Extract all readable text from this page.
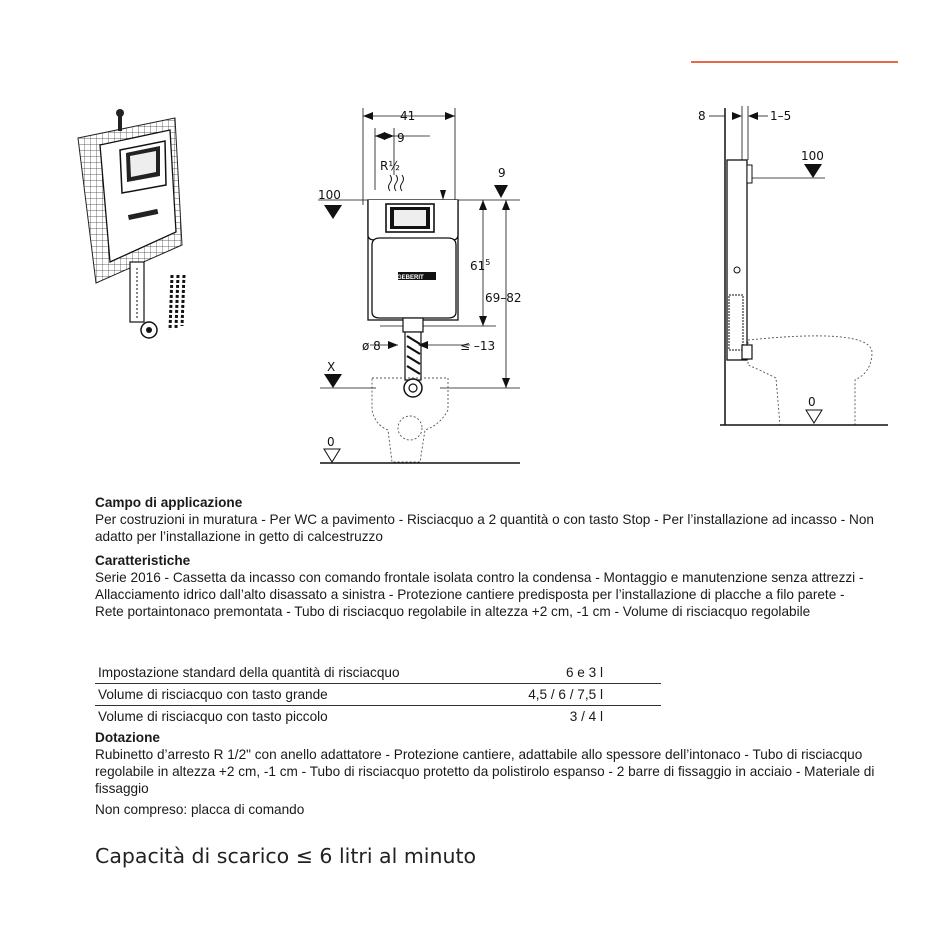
41
9
R½	9
100
$61^5$
69–82
ø 8	≤ –13
X
0
GEBERIT
8	1–5
100
0
Campo di applicazione
Per costruzioni in muratura - Per WC a pavimento - Risciacquo a 2 quantità o con tasto Stop - Per l’installazione ad incasso - Non adatto per l’installazione in getto di calcestruzzo
Caratteristiche
Serie 2016 - Cassetta da incasso con comando frontale isolata contro la condensa - Montaggio e manutenzione senza attrezzi - Allacciamento idrico dall’alto disassato a sinistra - Protezione cantiere predisposta per l’installazione di placche a filo parete - Rete portaintonaco premontata - Tubo di risciacquo regolabile in altezza +2 cm, -1 cm - Volume di risciacquo regolabile
Impostazione standard della quantità di risciacquo	6 e 3 l
Volume di risciacquo con tasto grande	4,5 / 6 / 7,5 l
Volume di risciacquo con tasto piccolo	3 / 4 l
Dotazione
Rubinetto d’arresto R 1/2" con anello adattatore - Protezione cantiere, adattabile allo spessore dell’intonaco - Tubo di risciacquo regolabile in altezza +2 cm, -1 cm - Tubo di risciacquo protetto da polistirolo espanso - 2 barre di fissaggio in acciaio - Materiale di fissaggio
Non compreso: placca di comando
Capacità di scarico ≤ 6 litri al minuto
